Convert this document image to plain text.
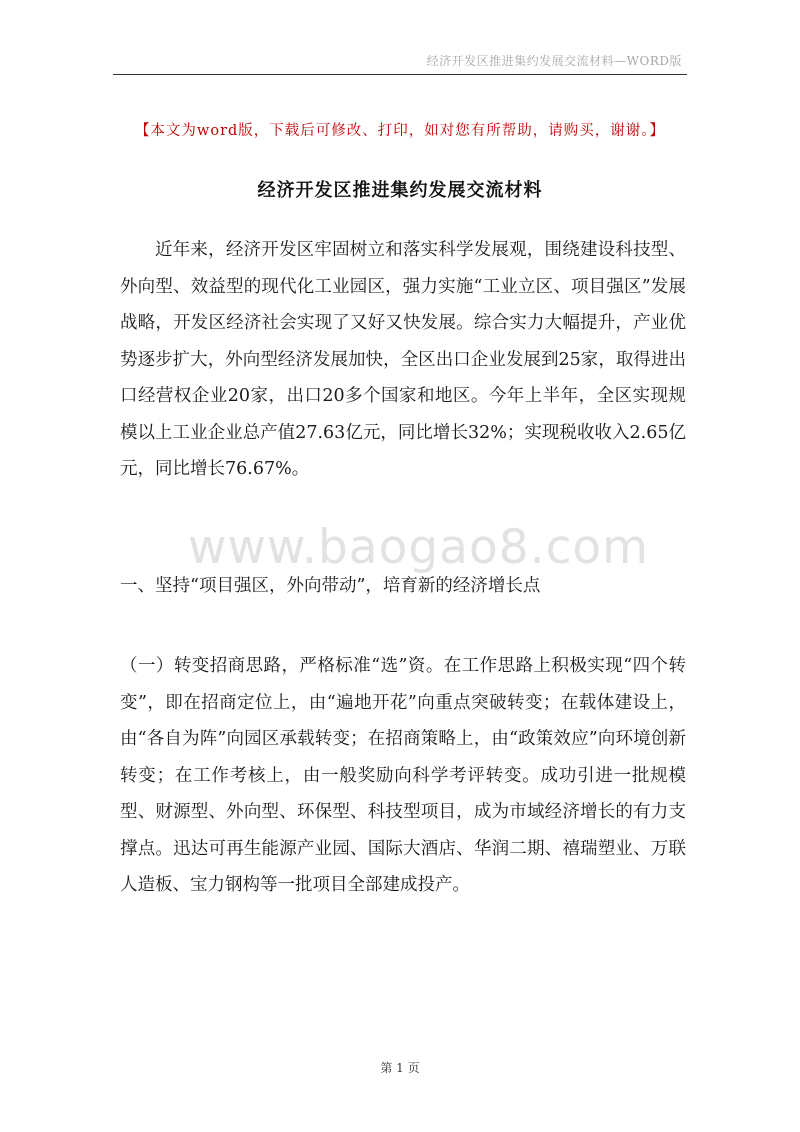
经济开发区推进集约发展交流材料—WORD版
【本文为word版，下载后可修改、打印，如对您有所帮助，请购买，谢谢。】
经济开发区推进集约发展交流材料
近年来，经济开发区牢固树立和落实科学发展观，围绕建设科技型、外向型、效益型的现代化工业园区，强力实施“工业立区、项目强区”发展战略，开发区经济社会实现了又好又快发展。综合实力大幅提升，产业优势逐步扩大，外向型经济发展加快，全区出口企业发展到25家，取得进出口经营权企业20家，出口20多个国家和地区。今年上半年，全区实现规模以上工业企业总产值27.63亿元，同比增长32%；实现税收收入2.65亿元，同比增长76.67%。
www.baogao8.com
一、坚持“项目强区，外向带动”，培育新的经济增长点
（一）转变招商思路，严格标准“选”资。在工作思路上积极实现“四个转变”，即在招商定位上，由“遍地开花”向重点突破转变；在载体建设上，由“各自为阵”向园区承载转变；在招商策略上，由“政策效应”向环境创新转变；在工作考核上，由一般奖励向科学考评转变。成功引进一批规模型、财源型、外向型、环保型、科技型项目，成为市域经济增长的有力支撑点。迅达可再生能源产业园、国际大酒店、华润二期、禧瑞塑业、万联人造板、宝力钢构等一批项目全部建成投产。
第 1 页
